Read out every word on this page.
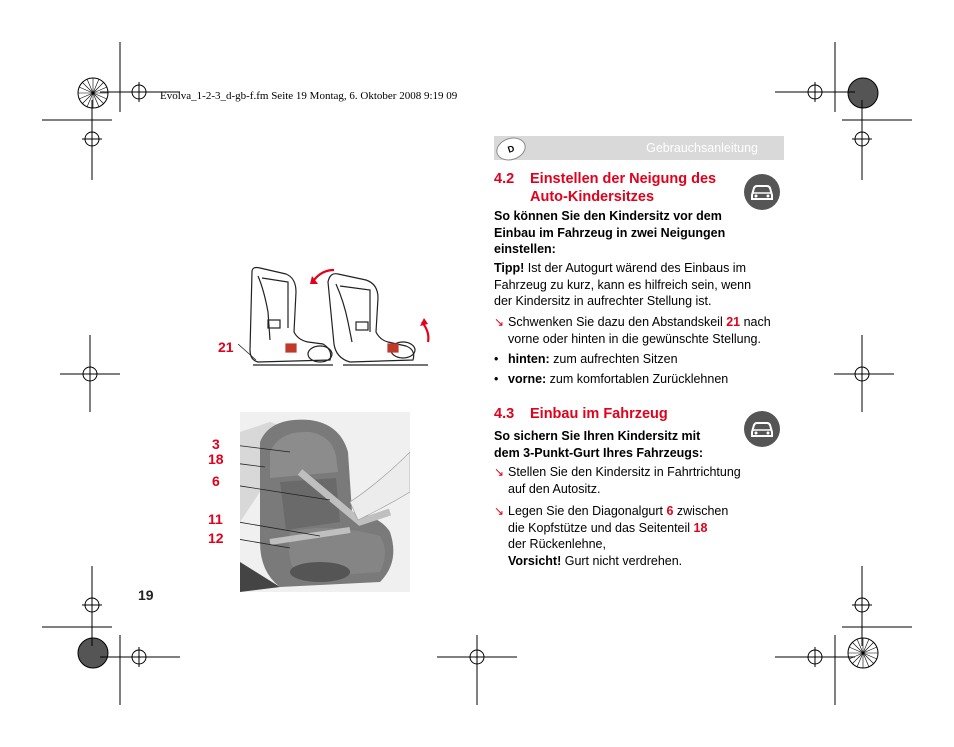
Evolva_1-2-3_d-gb-f.fm Seite 19 Montag, 6. Oktober 2008 9:19 09
D	Gebrauchsanleitung
4.2 Einstellen der Neigung des
Auto-Kindersitzes
So können Sie den Kindersitz vor dem Einbau im Fahrzeug in zwei Neigungen einstellen:
Tipp! Ist der Autogurt wärend des Einbaus im Fahrzeug zu kurz, kann es hilfreich sein, wenn der Kindersitz in aufrechter Stellung ist.
↘ Schwenken Sie dazu den Abstandskeil 21 nach
vorne oder hinten in die gewünschte Stellung.
• hinten: zum aufrechten Sitzen
• vorne: zum komfortablen Zurücklehnen
4.3 Einbau im Fahrzeug
So sichern Sie Ihren Kindersitz mit
dem 3-Punkt-Gurt Ihres Fahrzeugs:
↘ Stellen Sie den Kindersitz in Fahrtrichtung
auf den Autositz.
↘ Legen Sie den Diagonalgurt 6 zwischen
die Kopfstütze und das Seitenteil 18
der Rückenlehne,
Vorsicht! Gurt nicht verdrehen.
21
3
18
6
11
12
19
